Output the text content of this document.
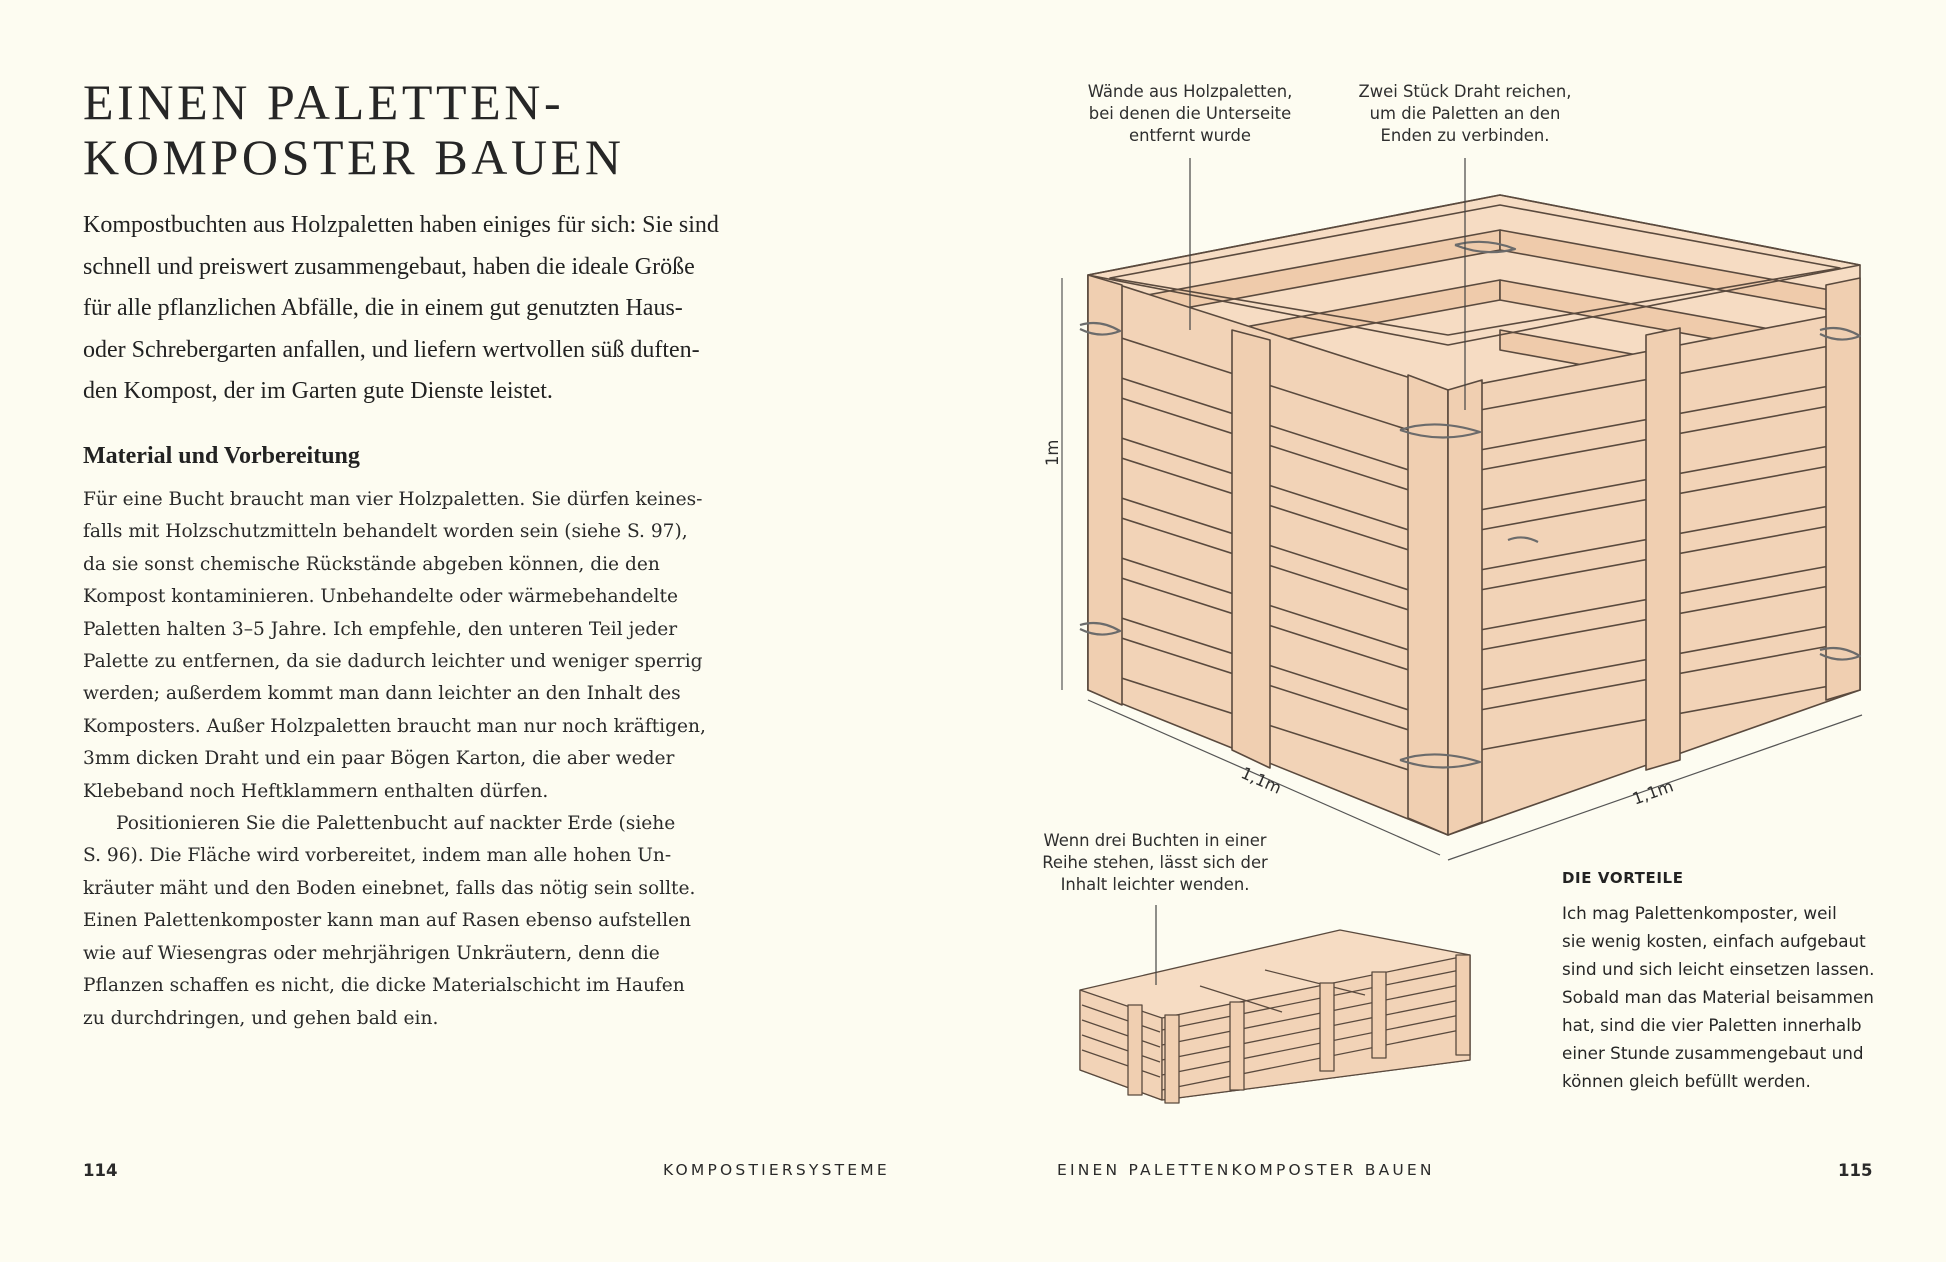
EINEN PALETTEN-
KOMPOSTER BAUEN
Kompostbuchten aus Holzpaletten haben einiges für sich: Sie sind
schnell und preiswert zusammengebaut, haben die ideale Größe
für alle pflanzlichen Abfälle, die in einem gut genutzten Haus-
oder Schrebergarten anfallen, und liefern wertvollen süß duften-
den Kompost, der im Garten gute Dienste leistet.
Material und Vorbereitung
Für eine Bucht braucht man vier Holzpaletten. Sie dürfen keines-
falls mit Holzschutzmitteln behandelt worden sein (siehe S. 97),
da sie sonst chemische Rückstände abgeben können, die den
Kompost kontaminieren. Unbehandelte oder wärmebehandelte
Paletten halten 3–5 Jahre. Ich empfehle, den unteren Teil jeder
Palette zu entfernen, da sie dadurch leichter und weniger sperrig
werden; außerdem kommt man dann leichter an den Inhalt des
Komposters. Außer Holzpaletten braucht man nur noch kräftigen,
3mm dicken Draht und ein paar Bögen Karton, die aber weder
Klebeband noch Heftklammern enthalten dürfen.
Positionieren Sie die Palettenbucht auf nackter Erde (siehe
S. 96). Die Fläche wird vorbereitet, indem man alle hohen Un-
kräuter mäht und den Boden einebnet, falls das nötig sein sollte.
Einen Palettenkomposter kann man auf Rasen ebenso aufstellen
wie auf Wiesengras oder mehrjährigen Unkräutern, denn die
Pflanzen schaffen es nicht, die dicke Materialschicht im Haufen
zu durchdringen, und gehen bald ein.
Wände aus Holzpaletten,
bei denen die Unterseite
entfernt wurde
Zwei Stück Draht reichen,
um die Paletten an den
Enden zu verbinden.
Wenn drei Buchten in einer
Reihe stehen, lässt sich der
Inhalt leichter wenden.
1m
1,1m	1,1m
DIE VORTEILE
Ich mag Palettenkomposter, weil
sie wenig kosten, einfach aufgebaut
sind und sich leicht einsetzen lassen.
Sobald man das Material beisammen
hat, sind die vier Paletten innerhalb
einer Stunde zusammengebaut und
können gleich befüllt werden.
114	KOMPOSTIERSYSTEME	EINEN PALETTENKOMPOSTER BAUEN	115
